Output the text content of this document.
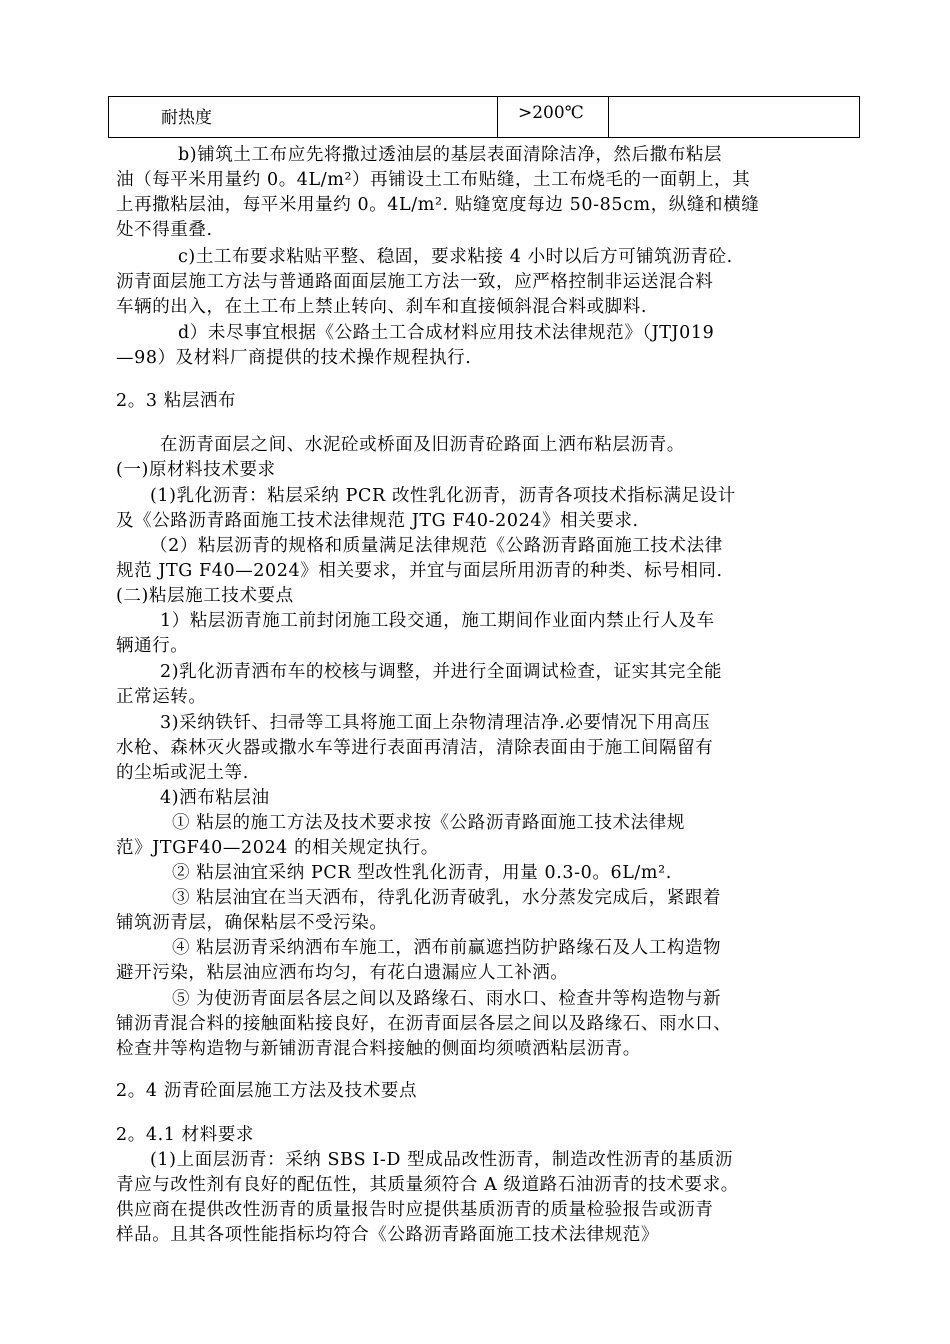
耐热度	>200℃	
b)铺筑土工布应先将撒过透油层的基层表面清除洁净，然后撒布粘层
油（每平米用量约 0。4L/m²）再铺设土工布贴缝，土工布烧毛的一面朝上，其
上再撒粘层油，每平米用量约 0。4L/m². 贴缝宽度每边 50-85cm，纵缝和横缝
处不得重叠.
c)土工布要求粘贴平整、稳固，要求粘接 4 小时以后方可铺筑沥青砼.
沥青面层施工方法与普通路面面层施工方法一致，应严格控制非运送混合料
车辆的出入，在土工布上禁止转向、刹车和直接倾斜混合料或脚料.
d）未尽事宜根据《公路土工合成材料应用技术法律规范》（JTJ019
—98）及材料厂商提供的技术操作规程执行.
2。3 粘层洒布
在沥青面层之间、水泥砼或桥面及旧沥青砼路面上洒布粘层沥青。
(一)原材料技术要求
(1)乳化沥青：粘层采纳 PCR 改性乳化沥青，沥青各项技术指标满足设计
及《公路沥青路面施工技术法律规范 JTG F40-2024》相关要求.
（2）粘层沥青的规格和质量满足法律规范《公路沥青路面施工技术法律
规范 JTG F40—2024》相关要求，并宜与面层所用沥青的种类、标号相同.
(二)粘层施工技术要点
1）粘层沥青施工前封闭施工段交通，施工期间作业面内禁止行人及车
辆通行。
2)乳化沥青洒布车的校核与调整，并进行全面调试检查，证实其完全能
正常运转。
3)采纳铁钎、扫帚等工具将施工面上杂物清理洁净.必要情况下用高压
水枪、森林灭火器或撒水车等进行表面再清洁，清除表面由于施工间隔留有
的尘垢或泥土等.
4)洒布粘层油
① 粘层的施工方法及技术要求按《公路沥青路面施工技术法律规
范》JTGF40—2024 的相关规定执行。
② 粘层油宜采纳 PCR 型改性乳化沥青，用量 0.3-0。6L/m².
③ 粘层油宜在当天洒布，待乳化沥青破乳，水分蒸发完成后，紧跟着
铺筑沥青层，确保粘层不受污染。
④ 粘层沥青采纳洒布车施工，洒布前赢遮挡防护路缘石及人工构造物
避开污染，粘层油应洒布均匀，有花白遗漏应人工补洒。
⑤ 为使沥青面层各层之间以及路缘石、雨水口、检查井等构造物与新
铺沥青混合料的接触面粘接良好，在沥青面层各层之间以及路缘石、雨水口、
检查井等构造物与新铺沥青混合料接触的侧面均须喷洒粘层沥青。
2。4 沥青砼面层施工方法及技术要点
2。4.1 材料要求
(1)上面层沥青：采纳 SBS I-D 型成品改性沥青，制造改性沥青的基质沥
青应与改性剂有良好的配伍性，其质量须符合 A 级道路石油沥青的技术要求。
供应商在提供改性沥青的质量报告时应提供基质沥青的质量检验报告或沥青
样品。且其各项性能指标均符合《公路沥青路面施工技术法律规范》
